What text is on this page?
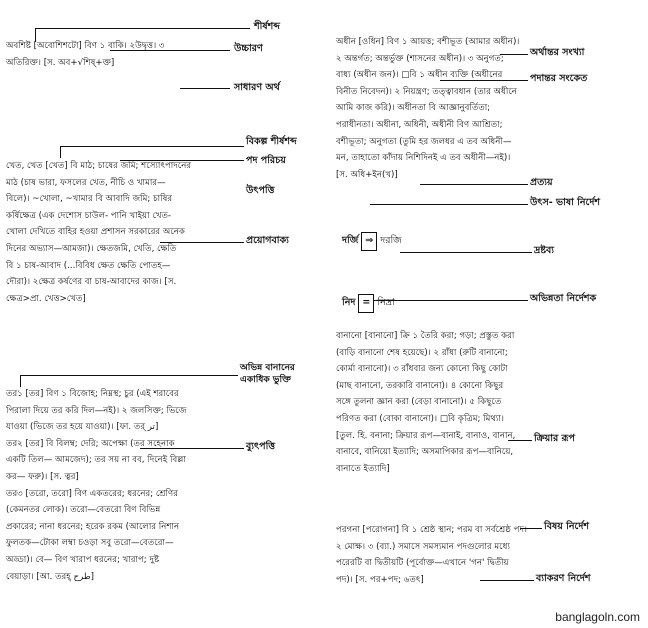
অবশিষ্ট [অবোশিশটো] বিণ ১ বাকি। ২উদ্বৃত্ত। ৩
অতিরিক্ত। [স. অব+√শিষ্‌+ক্ত]
শীর্ষশব্দ
উচ্চারণ
সাধারণ অর্থ
বিকল্প শীর্ষশব্দ
পদ পরিচয়
উৎপত্তি
প্রয়োগবাক্য
খেত, খেত [খেত] বি মাঠ; চাষের জমি; শস্যোৎপাদনের
মাঠ (চাষ ভারা, ফসলের খেত, নীচি ও খামার—
বিলে)। ~খোলা, ~খামার বি আবাদি জমি; চাষির
কর্ষিক্ষেত্র (এক দেশোস চাউল- পানি খাইয়া খেত-
খোলা দেখিতে বাহির হওয়া প্রশাসন সরকারের অনেক
দিনের অভ্যাস—আমজা)। ক্ষেতজমি, খেতি, ক্ষেতি
বি ১ চাষ-আবাদ (...বিবিধ ক্ষেত ক্ষেতি পোতহ—
দৌরা)। ২ক্ষেত্র কর্ষণের বা চাষ-আবাদের কাজ। [স.
ক্ষেত্র>প্রা. খেত্ত>খেত]
অভিন্ন বানানের একাধিক ভুক্তি
ব্যুৎপত্তি
তর১ [তর] বিণ ১ বিজোহ; নিম্নস্থ; চুর (এই শরাবের
পিরালা দিয়ে তর করি দিল—নই)। ২ জলসিক্ত; ভিজে
যাওয়া (ভিজে তর হয়ে যাওয়া)। [ফা. তর্‌ تر]
তর২ [তর] বি বিলম্ব; দেরি; অপেক্ষা (তর সহেনাক
একটি তিল— আমজেদ); তর সয় না বব, দিনেই বিল্লা
কর— ফরু)। [স. ত্বর]
তর৩ [তরো, তরো] বিণ একতরের; ধরনের; শ্রেণির
(কেমনতর লোক)। তরো—বেতরো বিণ বিভিন্ন
প্রকারের; নানা ধরনের; হরেক রকম (আলোর নিশান
ফুলতক—টোকা লম্বা চওড়া সবু তরো—বেতরো—
অড্ডা)। বে— বিণ খারাপ ধরনের; খারাপ; দুষ্ট
বেয়াড়া। [আ. তরহ্‌ طرح]
অধীন [ওধিন] বিণ ১ আয়ত্ত; বশীভূত (আমার অধীন)।
২ অন্তর্গত; অন্তর্ভুক্ত (শাসনের অধীন)। ৩ অনুগত;
বাধ্য (অধীন জন)। □বি ১ অধীন ব্যক্তি (অধীনের
বিনীত নিবেদন)। ২ নিয়ন্ত্রণ; তত্ত্বাবধান (তার অধীনে
আমি কাজ করি)। অধীনতা বি আজ্ঞানুবর্তিতা;
পরাধীনতা। অধীনা, অধিনী, অধীনী বিণ আশ্রিতা;
বশীভূতা; অনুগতা (তুমি হর জলধর এ তব অধিনী—
মন, তাহাতো কাঁদায় নিশিদিনই এ তব অধীনী—নই)।
[স. অধি+ইন(খ)]
অর্থান্তর সংখ্যা
পদান্তর সংকেত
প্রত্যয়
উৎস- ভাষা নির্দেশ
দর্জি ⇒ দরজি
দ্রষ্টব্য
নিদ = নিদ্রা	অভিন্নতা নির্দেশক
বানানো [বানানো] ক্রি ১ তৈরি করা; গড়া; প্রস্তুত করা
(বাড়ি বানানো শেষ হয়েছে)। ২ রাঁধা (রুটি বানানো;
কোর্মা বানানো)। ৩ রাঁধবার জন্য কোনো কিছু কোটা
(মাছ বানানো, তরকারি বানানো)। ৪ কোনো কিছুর
সঙ্গে তুলনা জ্ঞান করা (বেড়া বানানো)। ৫ কিছুতে
পরিণত করা (বোকা বানানো)। □বি কৃত্রিম; মিথ্যা।
[তুল. হি. বনানা; ক্রিয়ার রূপ—বানাই, বানাও, বানান,
বানাবে, বানিয়ো ইত্যাদি; অসমাপিকার রূপ—বানিয়ে,
বানাতে ইত্যাদি]
ক্রিয়ার রূপ
পরগনা [পরোগনা] বি ১ শ্রেষ্ঠ স্থান; পরম বা সর্বশ্রেষ্ঠ পদ।
২ মোক্ষ। ৩ (ব্যা.) সমাসে সমস্যমান পদগুলোর মধ্যে
পরেরটি বা দ্বিতীয়টি (পূর্বোক্ত—এখানে 'গন' দ্বিতীয়
পদ)। [স. পর+পদ; ৬তৎ]
বিষয় নির্দেশ
ব্যাকরণ নির্দেশ
banglagoln.com
